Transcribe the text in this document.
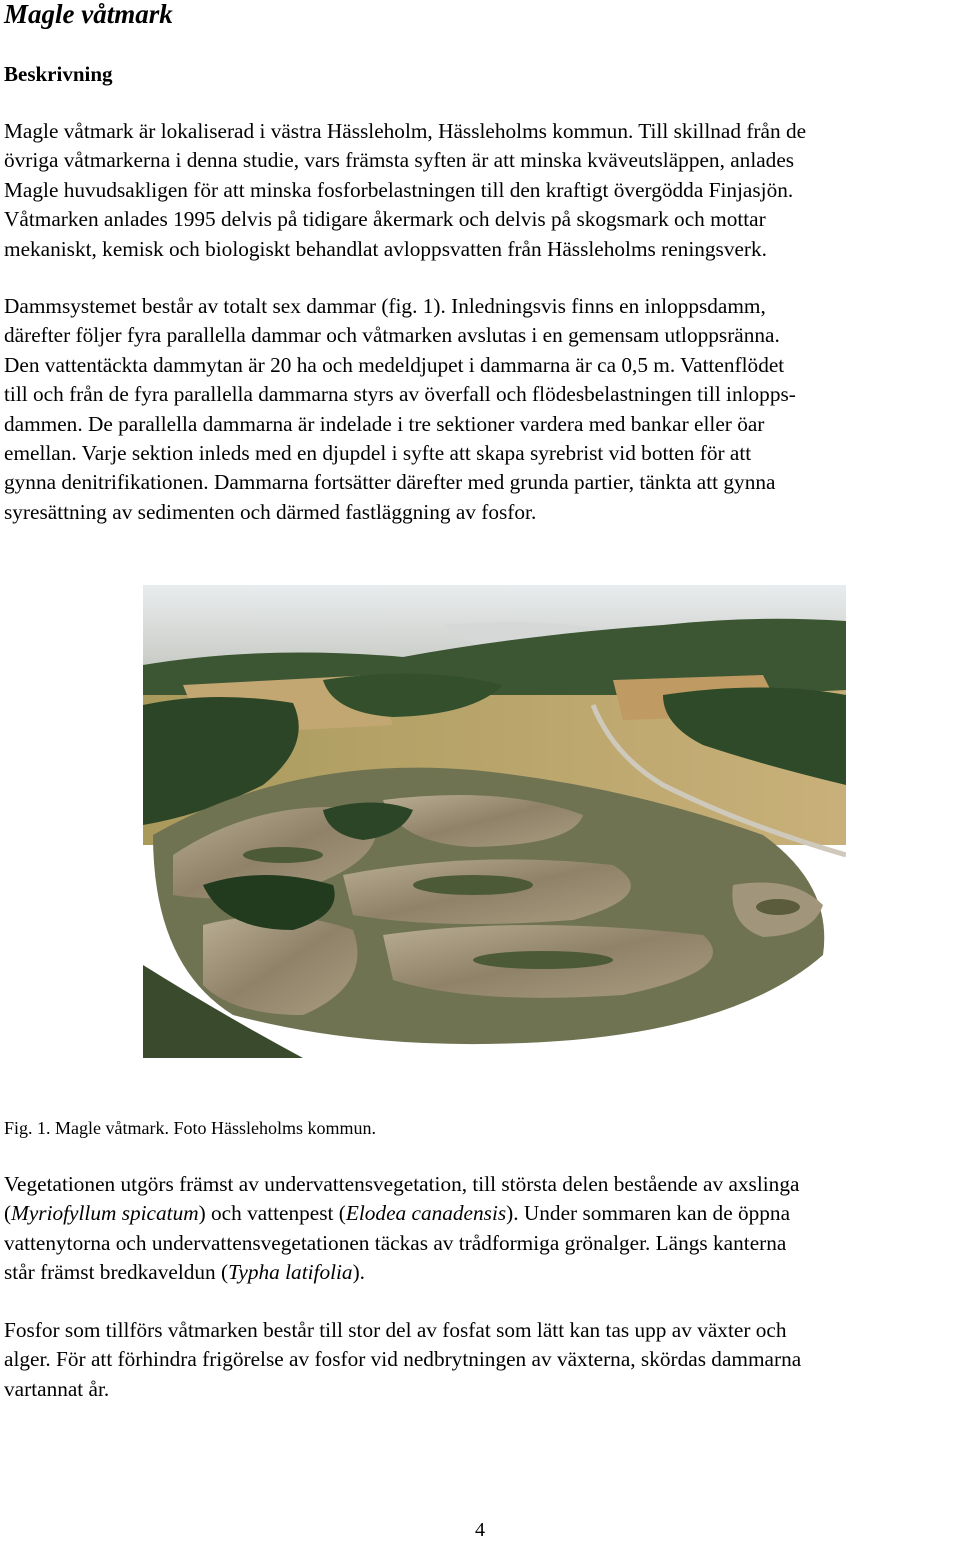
Magle våtmark
Beskrivning
Magle våtmark är lokaliserad i västra Hässleholm, Hässleholms kommun. Till skillnad från de
övriga våtmarkerna i denna studie, vars främsta syften är att minska kväveutsläppen, anlades
Magle huvudsakligen för att minska fosforbelastningen till den kraftigt övergödda Finjasjön.
Våtmarken anlades 1995 delvis på tidigare åkermark och delvis på skogsmark och mottar
mekaniskt, kemisk och biologiskt behandlat avloppsvatten från Hässleholms reningsverk.
Dammsystemet består av totalt sex dammar (fig. 1). Inledningsvis finns en inloppsdamm,
därefter följer fyra parallella dammar och våtmarken avslutas i en gemensam utloppsränna.
Den vattentäckta dammytan är 20 ha och medeldjupet i dammarna är ca 0,5 m. Vattenflödet
till och från de fyra parallella dammarna styrs av överfall och flödesbelastningen till inlopps-
dammen. De parallella dammarna är indelade i tre sektioner vardera med bankar eller öar
emellan. Varje sektion inleds med en djupdel i syfte att skapa syrebrist vid botten för att
gynna denitrifikationen. Dammarna fortsätter därefter med grunda partier, tänkta att gynna
syresättning av sedimenten och därmed fastläggning av fosfor.

Fig. 1. Magle våtmark. Foto Hässleholms kommun.

Vegetationen utgörs främst av undervattensvegetation, till största delen bestående av axslinga
(Myriofyllum spicatum) och vattenpest (Elodea canadensis). Under sommaren kan de öppna
vattenytorna och undervattensvegetationen täckas av trådformiga grönalger. Längs kanterna
står främst bredkaveldun (Typha latifolia).
Fosfor som tillförs våtmarken består till stor del av fosfat som lätt kan tas upp av växter och
alger. För att förhindra frigörelse av fosfor vid nedbrytningen av växterna, skördas dammarna
vartannat år.
4
